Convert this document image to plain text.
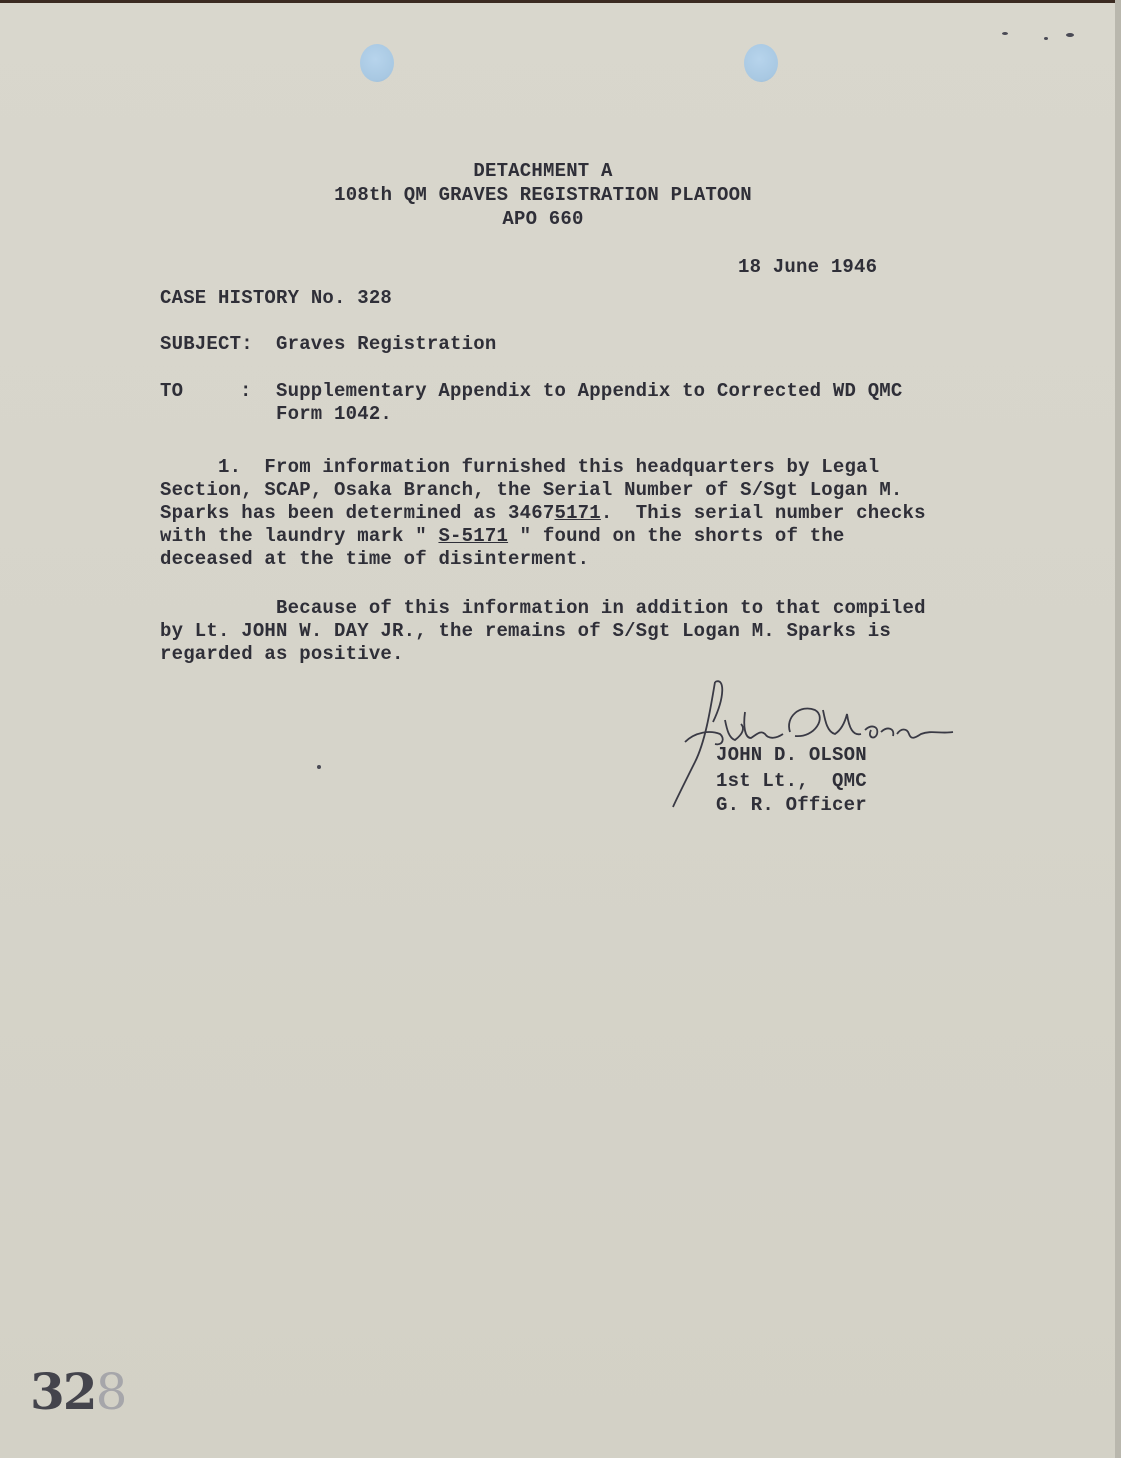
DETACHMENT A
108th QM GRAVES REGISTRATION PLATOON
APO 660
18 June 1946
CASE HISTORY No. 328
SUBJECT: Graves Registration
TO	: Supplementary Appendix to Appendix to Corrected WD QMC
Form 1042.
1.  From information furnished this headquarters by Legal
Section, SCAP, Osaka Branch, the Serial Number of S/Sgt Logan M.
Sparks has been determined as 34675171.  This serial number checks
with the laundry mark " S-5171 " found on the shorts of the
deceased at the time of disinterment.
Because of this information in addition to that compiled
by Lt. JOHN W. DAY JR., the remains of S/Sgt Logan M. Sparks is
regarded as positive.
JOHN D. OLSON
1st Lt.,  QMC
G. R. Officer
328
